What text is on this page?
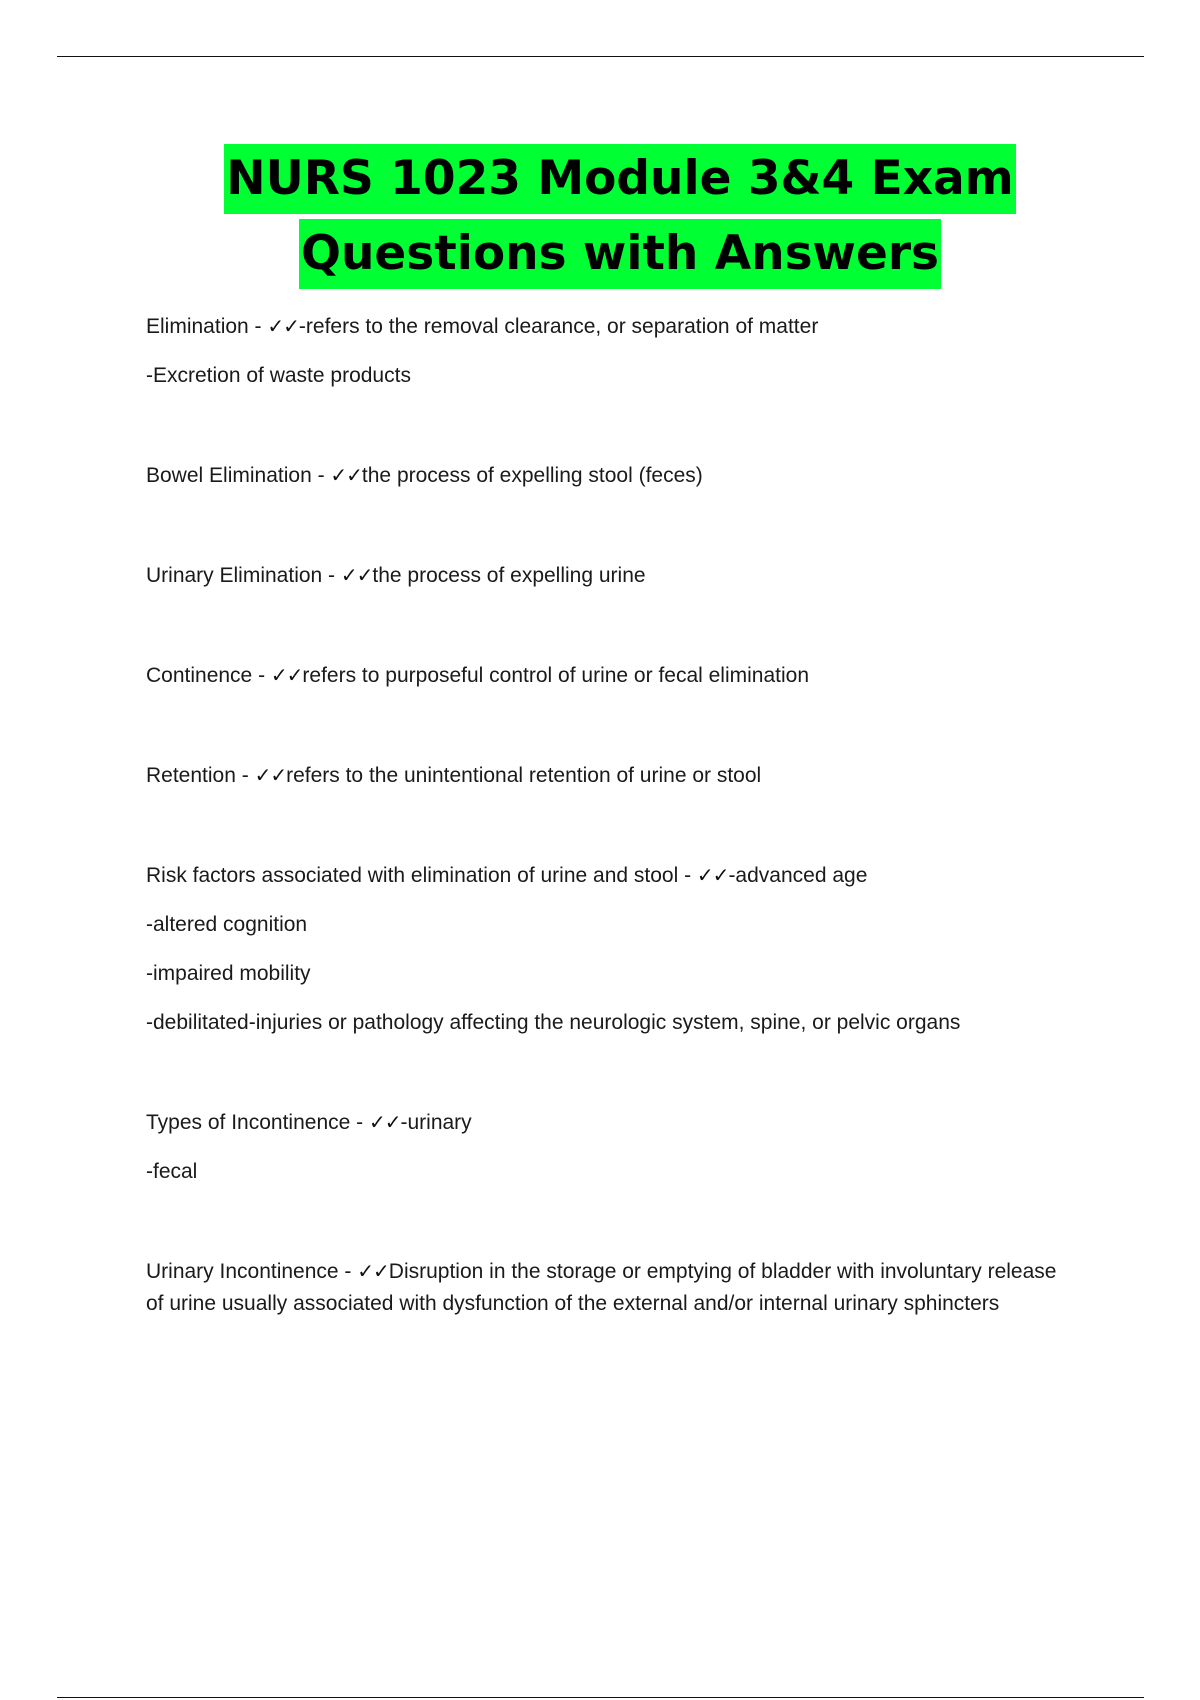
NURS 1023 Module 3&4 Exam
Questions with Answers
Elimination - ✓✓-refers to the removal clearance, or separation of matter
-Excretion of waste products
Bowel Elimination - ✓✓the process of expelling stool (feces)
Urinary Elimination - ✓✓the process of expelling urine
Continence - ✓✓refers to purposeful control of urine or fecal elimination
Retention - ✓✓refers to the unintentional retention of urine or stool
Risk factors associated with elimination of urine and stool - ✓✓-advanced age
-altered cognition
-impaired mobility
-debilitated-injuries or pathology affecting the neurologic system, spine, or pelvic organs
Types of Incontinence - ✓✓-urinary
-fecal
Urinary Incontinence - ✓✓Disruption in the storage or emptying of bladder with involuntary release of urine usually associated with dysfunction of the external and/or internal urinary sphincters
